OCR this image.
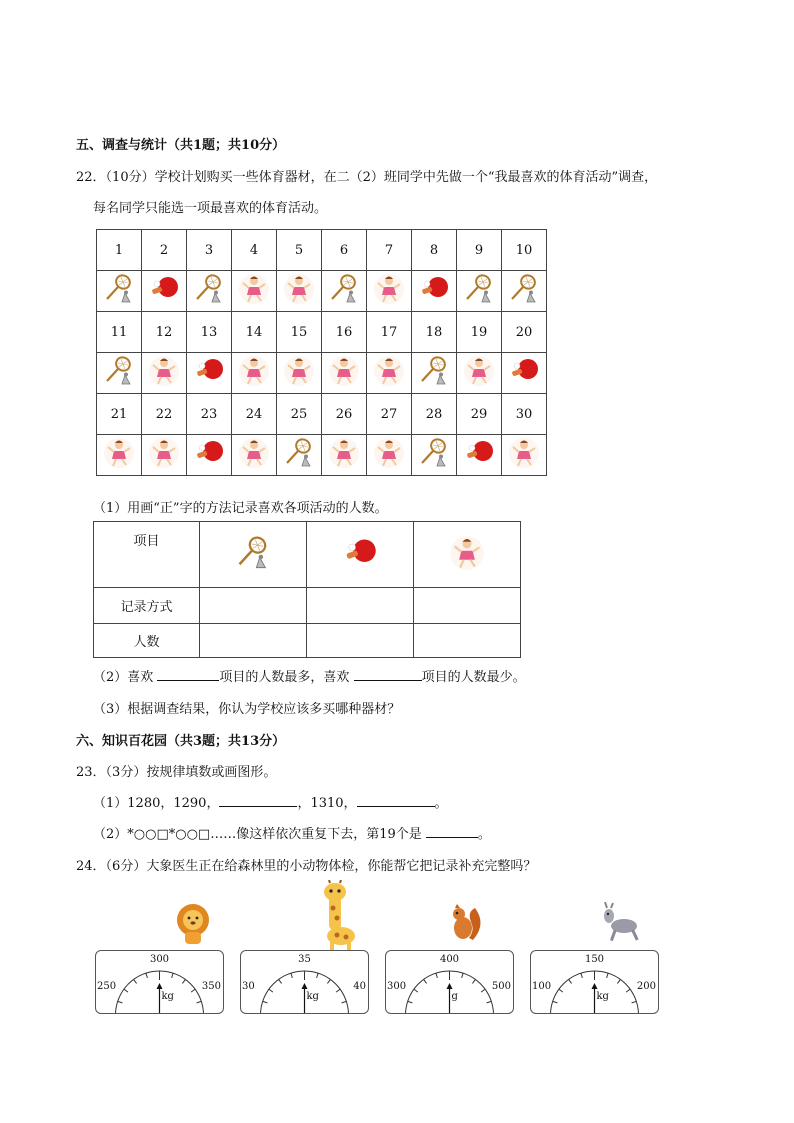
五、调查与统计（共1题；共10分）
22．（10分）学校计划购买一些体育器材，在二（2）班同学中先做一个“我最喜欢的体育活动”调查，
每名同学只能选一项最喜欢的体育活动。
1	2	3	4	5	6	7	8	9	10

11	12	13	14	15	16	17	18	19	20

21	22	23	24	25	26	27	28	29	30

（1）用画“正”字的方法记录喜欢各项活动的人数。
项目			
记录方式			
人数			
（2）喜欢	项目的人数最多，喜欢	项目的人数最少。
（3）根据调查结果，你认为学校应该多买哪种器材？
六、知识百花园（共3题；共13分）
23．（3分）按规律填数或画图形。
（1）1280，1290，	，1310，	。
（2）*○○□*○○□……像这样依次重复下去，第19个是	。
24．（6分）大象医生正在给森林里的小动物体检，你能帮它把记录补充完整吗？
300
250	350
kg
35
30	40
kg
400
300	500
g
150
100	200
kg
